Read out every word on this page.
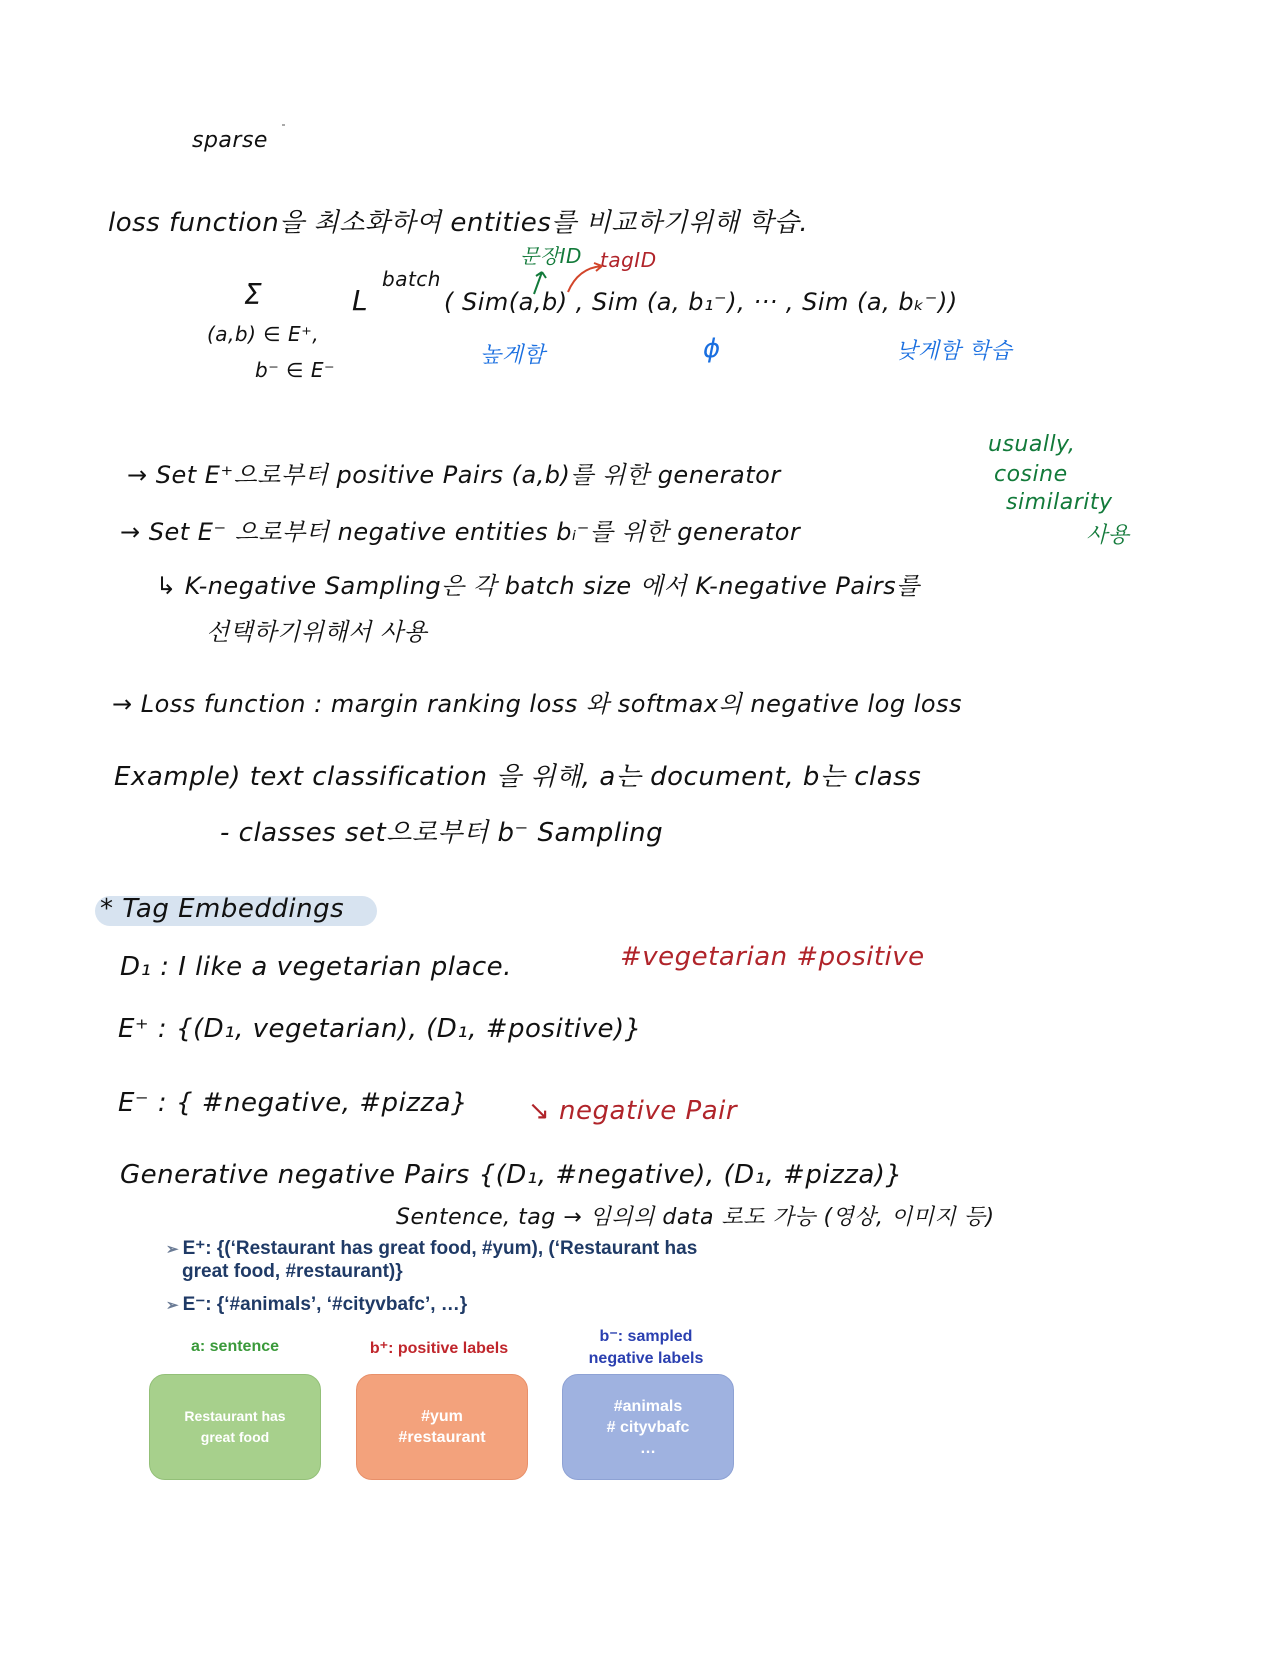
sparse
loss function을 최소화하여 entities를 비교하기위해 학습.
문장ID tagID
Σ
(a,b) ∈ E⁺,
b⁻ ∈ E⁻
L
batch
( Sim(a,b) , Sim (a, b₁⁻), ··· , Sim (a, bₖ⁻))
높게함	ϕ	낮게함 학습
→ Set E⁺으로부터 positive Pairs (a,b)를 위한 generator
→ Set E⁻ 으로부터 negative entities bᵢ⁻를 위한 generator
usually,
cosine
similarity
사용
↳ K-negative Sampling은 각 batch size 에서 K-negative Pairs를
선택하기위해서 사용
→ Loss function : margin ranking loss 와 softmax의 negative log loss
Example) text classification 을 위해, a는 document, b는 class
- classes set으로부터 b⁻ Sampling
* Tag Embeddings
D₁ : I like a vegetarian place.	#vegetarian #positive
E⁺ : {(D₁, vegetarian), (D₁, #positive)}
E⁻ : { #negative, #pizza} ↘ negative Pair
Generative negative Pairs {(D₁, #negative), (D₁, #pizza)}
Sentence, tag → 임의의 data 로도 가능 (영상, 이미지 등)
➢ E⁺: {(‘Restaurant has great food, #yum), (‘Restaurant has
great food, #restaurant)}
➢ E⁻: {‘#animals’, ‘#cityvbafc’, …}
a: sentence	b⁺: positive labels
b⁻: sampled
negative labels
Restaurant has
great food
#yum
#restaurant
#animals
# cityvbafc
…
